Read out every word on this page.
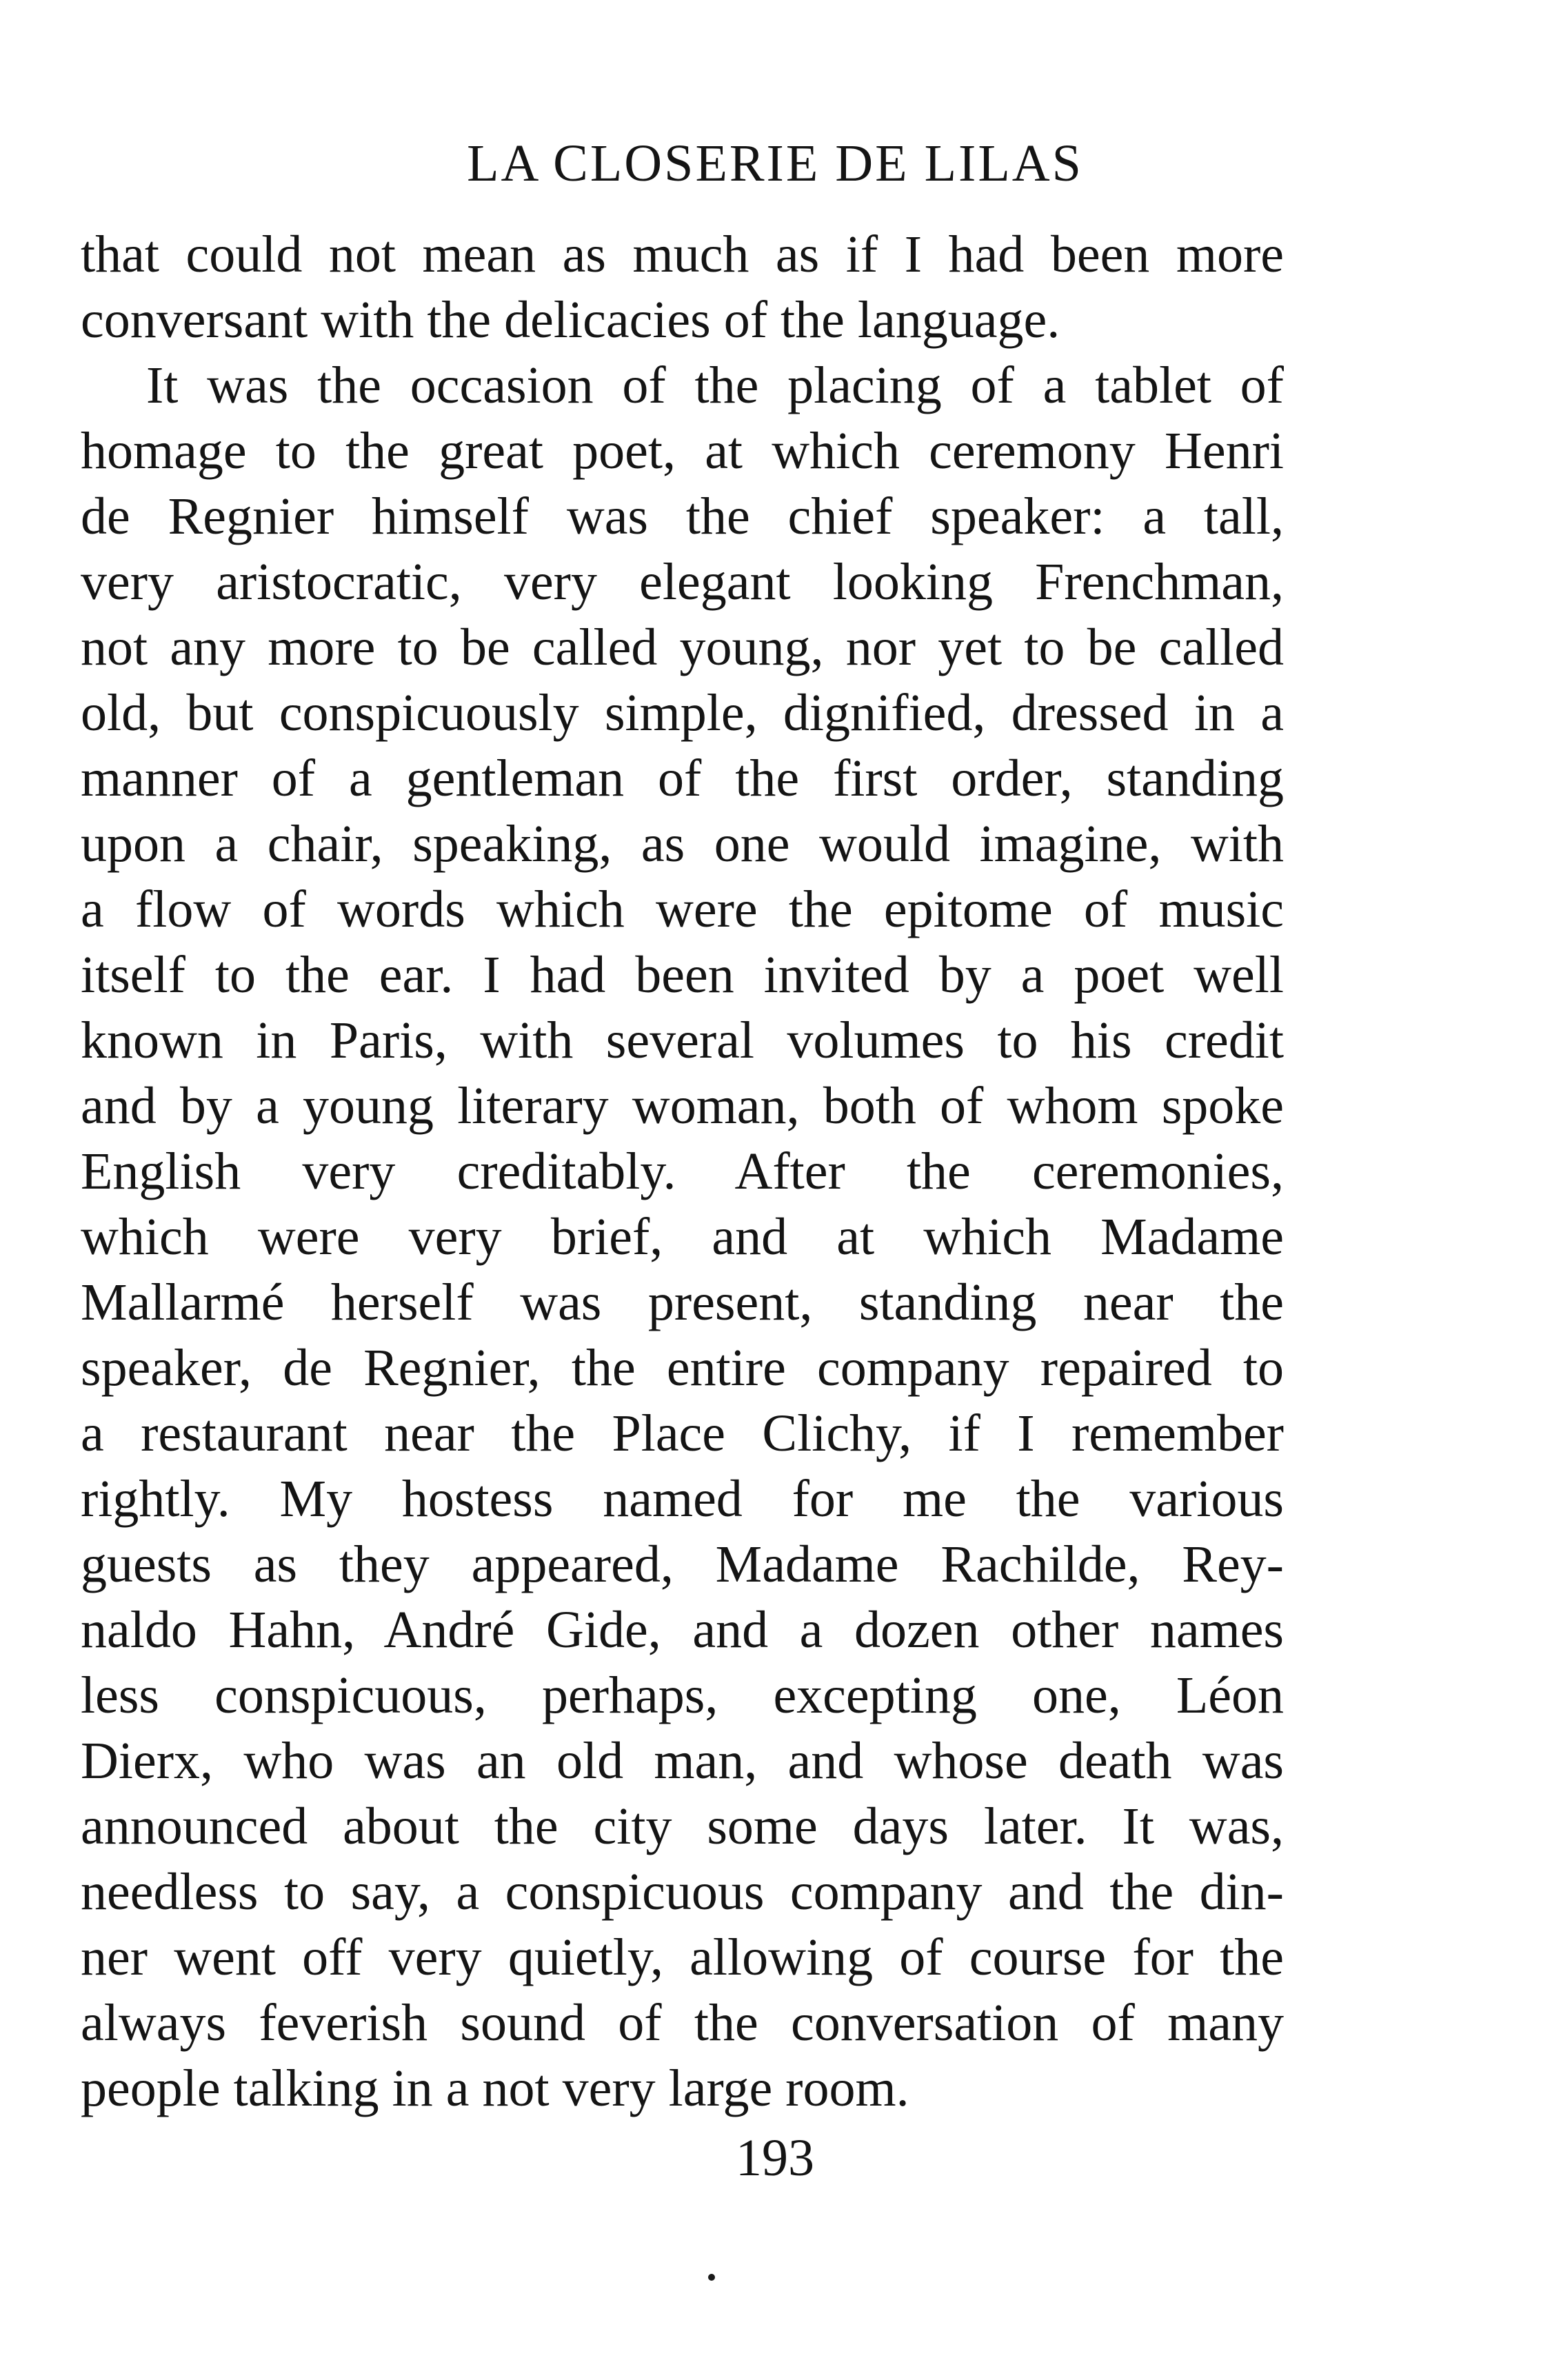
LA CLOSERIE DE LILAS
that could not mean as much as if I had been more
conversant with the delicacies of the language.
It was the occasion of the placing of a tablet of
homage to the great poet, at which ceremony Henri
de Regnier himself was the chief speaker: a tall,
very aristocratic, very elegant looking Frenchman,
not any more to be called young, nor yet to be called
old, but conspicuously simple, dignified, dressed in a
manner of a gentleman of the first order, standing
upon a chair, speaking, as one would imagine, with
a flow of words which were the epitome of music
itself to the ear. I had been invited by a poet well
known in Paris, with several volumes to his credit
and by a young literary woman, both of whom spoke
English very creditably. After the ceremonies,
which were very brief, and at which Madame
Mallarmé herself was present, standing near the
speaker, de Regnier, the entire company repaired to
a restaurant near the Place Clichy, if I remember
rightly. My hostess named for me the various
guests as they appeared, Madame Rachilde, Rey-
naldo Hahn, André Gide, and a dozen other names
less conspicuous, perhaps, excepting one, Léon
Dierx, who was an old man, and whose death was
announced about the city some days later. It was,
needless to say, a conspicuous company and the din-
ner went off very quietly, allowing of course for the
always feverish sound of the conversation of many
people talking in a not very large room.
193
